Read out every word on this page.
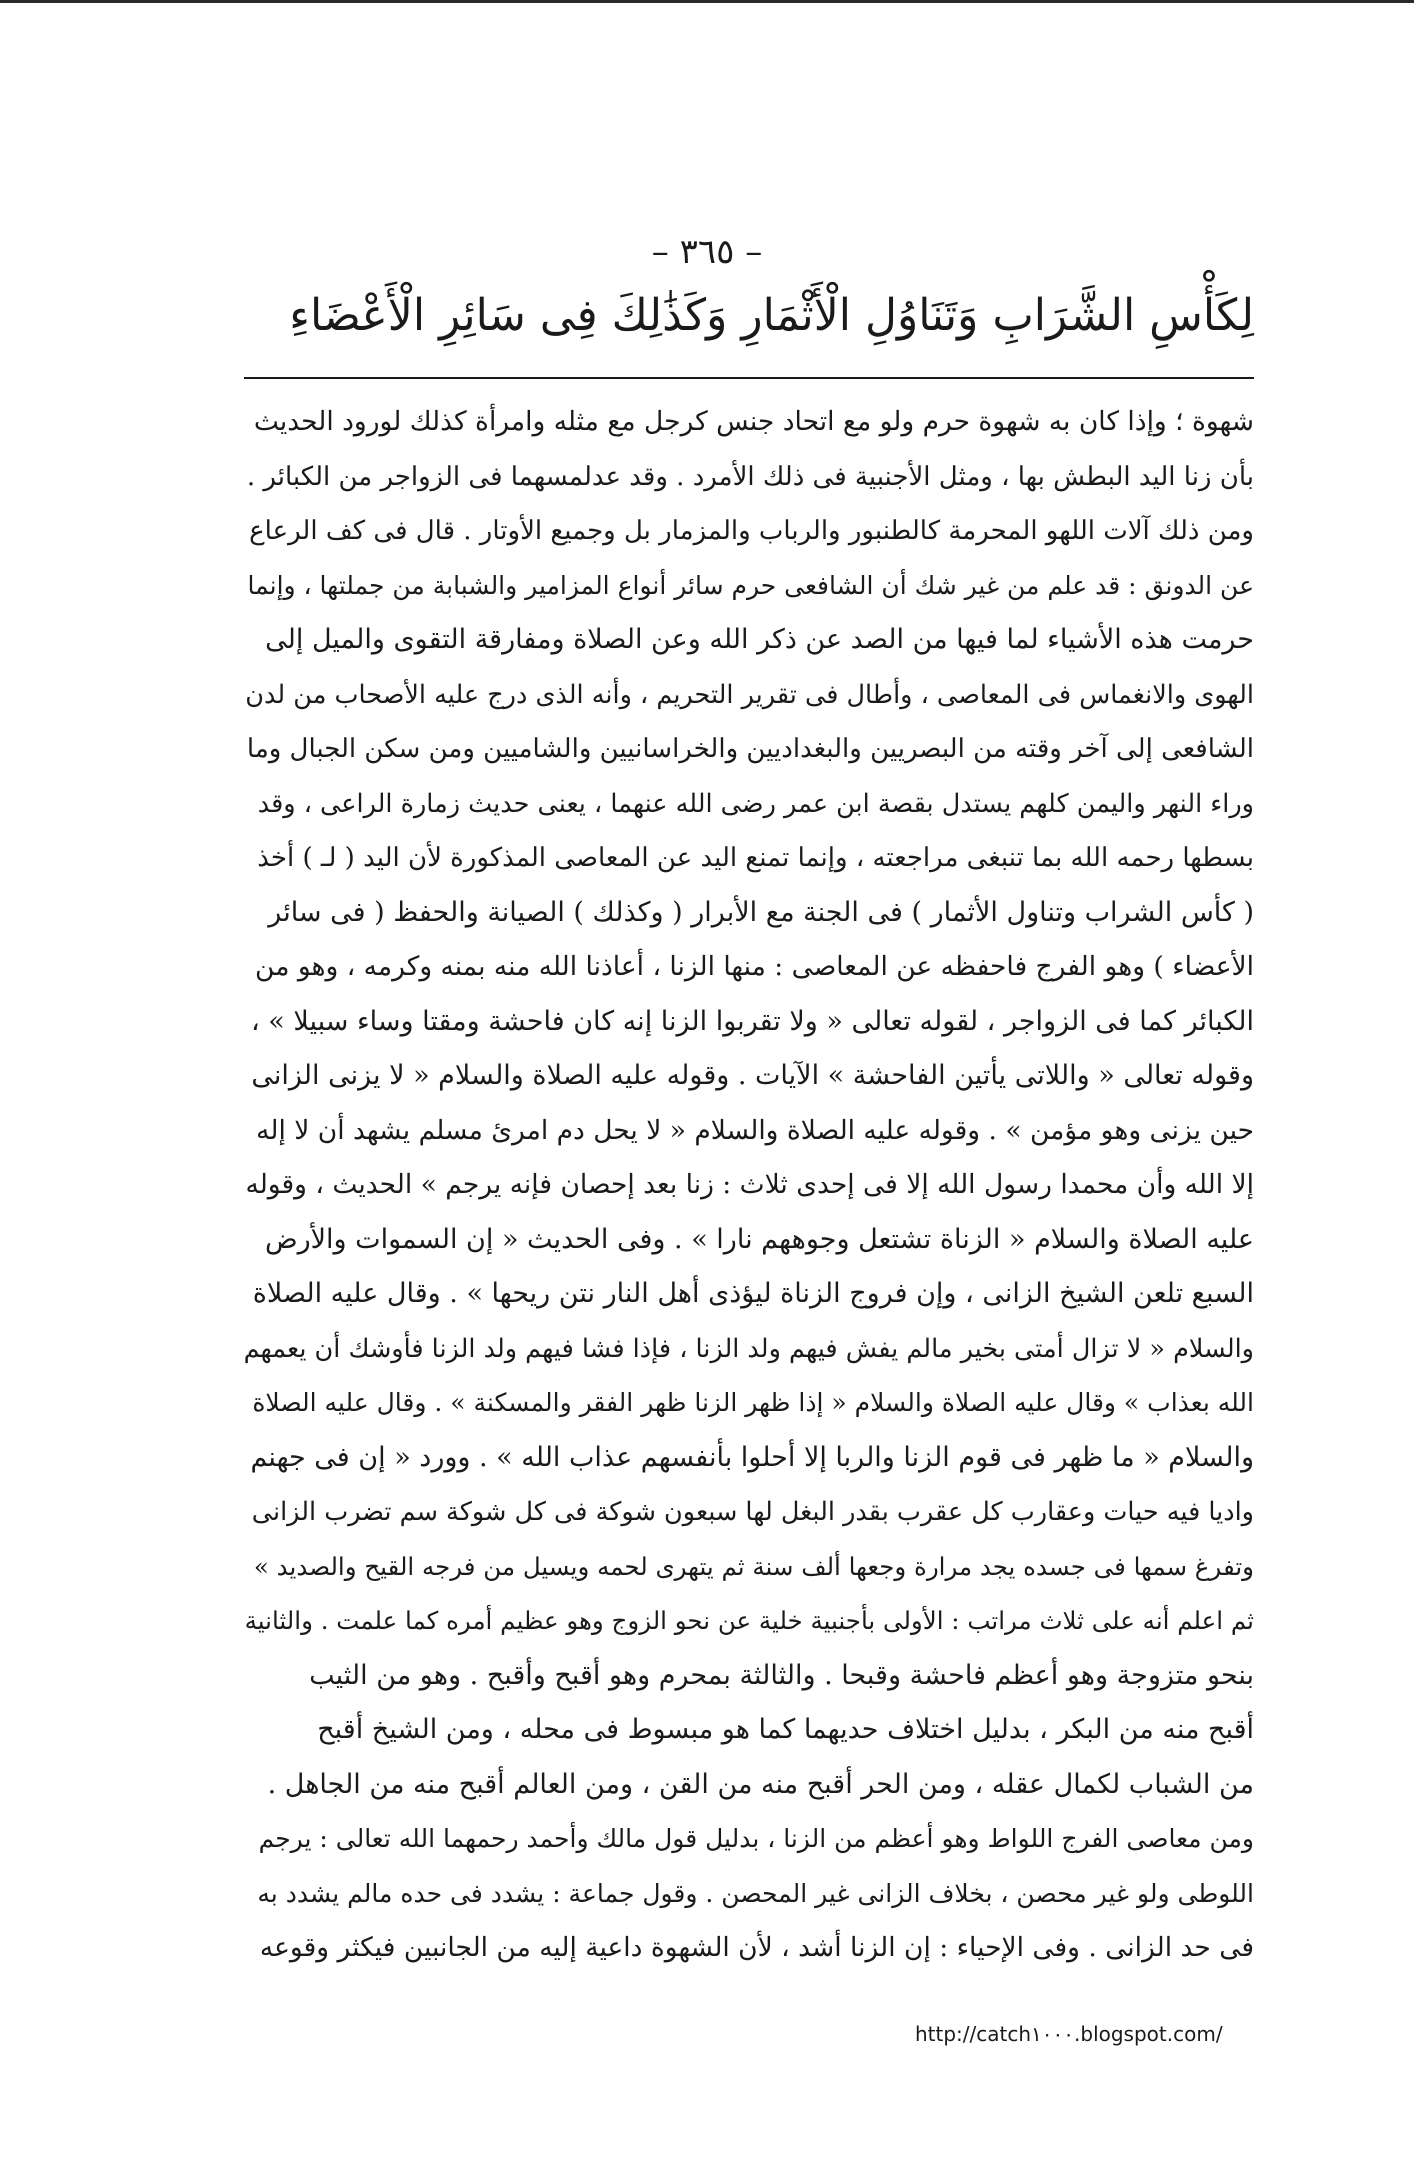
– ٣٦٥ –
لِكَأْسِ الشَّرَابِ وَتَنَاوُلِ الْأَثْمَارِ وَكَذَٰلِكَ فِى سَائِرِ الْأَعْضَاءِ
شهوة ؛ وإذا كان به شهوة حرم ولو مع اتحاد جنس كرجل مع مثله وامرأة كذلك لورود الحديث
بأن زنا اليد البطش بها ، ومثل الأجنبية فى ذلك الأمرد . وقد عدلمسهما فى الزواجر من الكبائر .
ومن ذلك آلات اللهو المحرمة كالطنبور والرباب والمزمار بل وجميع الأوتار . قال فى كف الرعاع
عن الدونق : قد علم من غير شك أن الشافعى حرم سائر أنواع المزامير والشبابة من جملتها ، وإنما
حرمت هذه الأشياء لما فيها من الصد عن ذكر الله وعن الصلاة ومفارقة التقوى والميل إلى
الهوى والانغماس فى المعاصى ، وأطال فى تقرير التحريم ، وأنه الذى درج عليه الأصحاب من لدن
الشافعى إلى آخر وقته من البصريين والبغداديين والخراسانيين والشاميين ومن سكن الجبال وما
وراء النهر واليمن كلهم يستدل بقصة ابن عمر رضى الله عنهما ، يعنى حديث زمارة الراعى ، وقد
بسطها رحمه الله بما تنبغى مراجعته ، وإنما تمنع اليد عن المعاصى المذكورة لأن اليد ( لـ ) أخذ
( كأس الشراب وتناول الأثمار ) فى الجنة مع الأبرار ( وكذلك ) الصيانة والحفظ ( فى سائر
الأعضاء ) وهو الفرج فاحفظه عن المعاصى : منها الزنا ، أعاذنا الله منه بمنه وكرمه ، وهو من
الكبائر كما فى الزواجر ، لقوله تعالى « ولا تقربوا الزنا إنه كان فاحشة ومقتا وساء سبيلا » ،
وقوله تعالى « واللاتى يأتين الفاحشة » الآيات . وقوله عليه الصلاة والسلام « لا يزنى الزانى
حين يزنى وهو مؤمن » . وقوله عليه الصلاة والسلام « لا يحل دم امرئ مسلم يشهد أن لا إله
إلا الله وأن محمدا رسول الله إلا فى إحدى ثلاث : زنا بعد إحصان فإنه يرجم » الحديث ، وقوله
عليه الصلاة والسلام « الزناة تشتعل وجوههم نارا » . وفى الحديث « إن السموات والأرض
السبع تلعن الشيخ الزانى ، وإن فروج الزناة ليؤذى أهل النار نتن ريحها » . وقال عليه الصلاة
والسلام « لا تزال أمتى بخير مالم يفش فيهم ولد الزنا ، فإذا فشا فيهم ولد الزنا فأوشك أن يعمهم
الله بعذاب » وقال عليه الصلاة والسلام « إذا ظهر الزنا ظهر الفقر والمسكنة » . وقال عليه الصلاة
والسلام « ما ظهر فى قوم الزنا والربا إلا أحلوا بأنفسهم عذاب الله » . وورد « إن فى جهنم
واديا فيه حيات وعقارب كل عقرب بقدر البغل لها سبعون شوكة فى كل شوكة سم تضرب الزانى
وتفرغ سمها فى جسده يجد مرارة وجعها ألف سنة ثم يتهرى لحمه ويسيل من فرجه القيح والصديد »
ثم اعلم أنه على ثلاث مراتب : الأولى بأجنبية خلية عن نحو الزوج وهو عظيم أمره كما علمت . والثانية
بنحو متزوجة وهو أعظم فاحشة وقبحا . والثالثة بمحرم وهو أقبح وأقبح . وهو من الثيب
أقبح منه من البكر ، بدليل اختلاف حديهما كما هو مبسوط فى محله ، ومن الشيخ أقبح
من الشباب لكمال عقله ، ومن الحر أقبح منه من القن ، ومن العالم أقبح منه من الجاهل .
ومن معاصى الفرج اللواط وهو أعظم من الزنا ، بدليل قول مالك وأحمد رحمهما الله تعالى : يرجم
اللوطى ولو غير محصن ، بخلاف الزانى غير المحصن . وقول جماعة : يشدد فى حده مالم يشدد به
فى حد الزانى . وفى الإحياء : إن الزنا أشد ، لأن الشهوة داعية إليه من الجانبين فيكثر وقوعه
http://catch١٠٠٠.blogspot.com/
